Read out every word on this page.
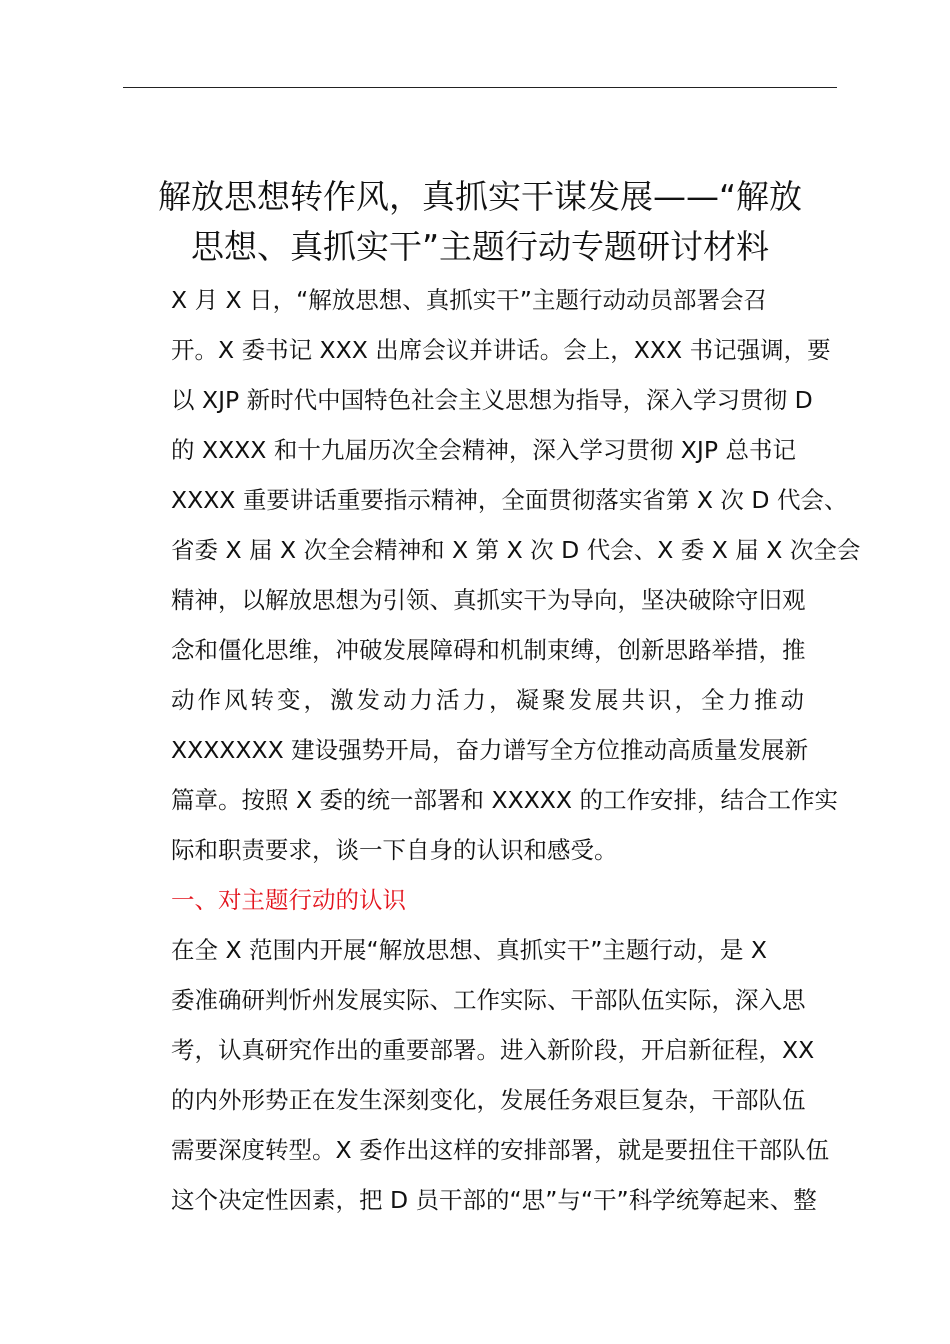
解放思想转作风，真抓实干谋发展——“解放
思想、真抓实干”主题行动专题研讨材料

X 月 X 日，“解放思想、真抓实干”主题行动动员部署会召
开。X 委书记 XXX 出席会议并讲话。会上，XXX 书记强调，要
以 XJP 新时代中国特色社会主义思想为指导，深入学习贯彻 D
的 XXXX 和十九届历次全会精神，深入学习贯彻 XJP 总书记
XXXX 重要讲话重要指示精神，全面贯彻落实省第 X 次 D 代会、
省委 X 届 X 次全会精神和 X 第 X 次 D 代会、X 委 X 届 X 次全会
精神，以解放思想为引领、真抓实干为导向，坚决破除守旧观
念和僵化思维，冲破发展障碍和机制束缚，创新思路举措，推
动作风转变，激发动力活力，凝聚发展共识，全力推动
XXXXXXX 建设强势开局，奋力谱写全方位推动高质量发展新
篇章。按照 X 委的统一部署和 XXXXX 的工作安排，结合工作实
际和职责要求，谈一下自身的认识和感受。

一、对主题行动的认识

在全 X 范围内开展“解放思想、真抓实干”主题行动，是 X
委准确研判忻州发展实际、工作实际、干部队伍实际，深入思
考，认真研究作出的重要部署。进入新阶段，开启新征程，XX
的内外形势正在发生深刻变化，发展任务艰巨复杂，干部队伍
需要深度转型。X 委作出这样的安排部署，就是要扭住干部队伍
这个决定性因素，把 D 员干部的“思”与“干”科学统筹起来、整
